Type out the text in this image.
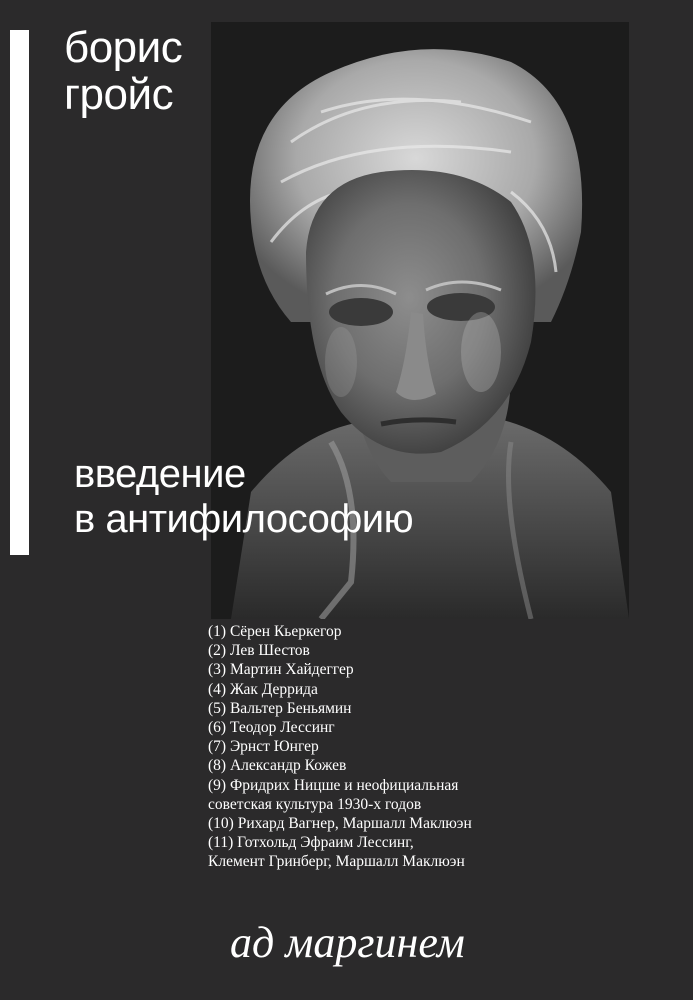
борис
гройс
введение
в антифилософию
(1) Сёрен Кьеркегор
(2) Лев Шестов
(3) Мартин Хайдеггер
(4) Жак Деррида
(5) Вальтер Беньямин
(6) Теодор Лессинг
(7) Эрнст Юнгер
(8) Александр Кожев
(9) Фридрих Ницше и неофициальная
советская культура 1930-х годов
(10) Рихард Вагнер, Маршалл Маклюэн
(11) Готхольд Эфраим Лессинг,
Клемент Гринберг, Маршалл Маклюэн
ад маргинем
